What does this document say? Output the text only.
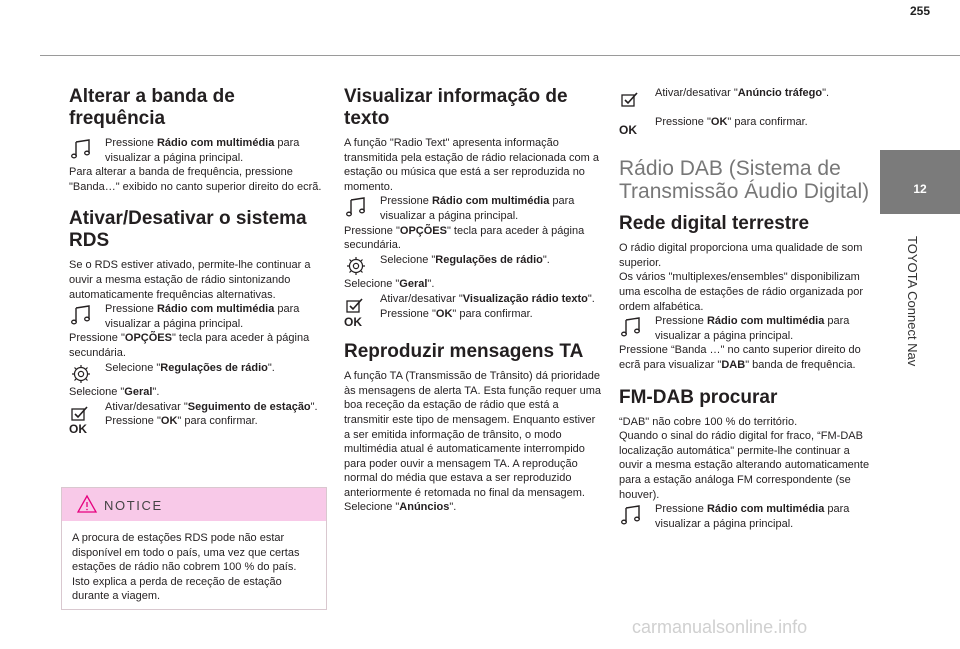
255
12
TOYOTA Connect Nav
Alterar a banda de frequência
Pressione Rádio com multimédia para visualizar a página principal.

Para alterar a banda de frequência, pressione "Banda…" exibido no canto superior direito do ecrã.

Ativar/Desativar o sistema RDS

Se o RDS estiver ativado, permite-lhe continuar a ouvir a mesma estação de rádio sintonizando automaticamente frequências alternativas.

Pressione Rádio com multimédia para visualizar a página principal.

Pressione "OPÇÕES" tecla para aceder à página secundária.

Selecione "Regulações de rádio".

Selecione "Geral".

Ativar/desativar "Seguimento de estação".
OK
Pressione "OK" para confirmar.
NOTICE
A procura de estações RDS pode não estar disponível em todo o país, uma vez que certas estações de rádio não cobrem 100 % do país. Isto explica a perda de receção de estação durante a viagem.
Visualizar informação de texto

A função "Radio Text" apresenta informação transmitida pela estação de rádio relacionada com a estação ou música que está a ser reproduzida no momento.

Pressione Rádio com multimédia para visualizar a página principal.

Pressione "OPÇÕES" tecla para aceder à página secundária.

Selecione "Regulações de rádio".

Selecione "Geral".

Ativar/desativar "Visualização rádio texto".
OK
Pressione "OK" para confirmar.
Reproduzir mensagens TA

A função TA (Transmissão de Trânsito) dá prioridade às mensagens de alerta TA. Esta função requer uma boa receção da estação de rádio que está a transmitir este tipo de mensagem. Enquanto estiver a ser emitida informação de trânsito, o modo multimédia atual é automaticamente interrompido para poder ouvir a mensagem TA. A reprodução normal do média que estava a ser reproduzido anteriormente é retomada no final da mensagem.

Selecione "Anúncios".

Ativar/desativar "Anúncio tráfego".
OK
Pressione "OK" para confirmar.
Rádio DAB (Sistema de Transmissão Áudio Digital)
Rede digital terrestre

O rádio digital proporciona uma qualidade de som superior.

Os vários "multiplexes/ensembles" disponibilizam uma escolha de estações de rádio organizada por ordem alfabética.

Pressione Rádio com multimédia para visualizar a página principal.

Pressione “Banda …" no canto superior direito do ecrã para visualizar "DAB" banda de frequência.

FM-DAB procurar

“DAB" não cobre 100 % do território.

Quando o sinal do rádio digital for fraco, “FM-DAB localização automática" permite-lhe continuar a ouvir a mesma estação alterando automaticamente para a estação análoga FM correspondente (se houver).

Pressione Rádio com multimédia para visualizar a página principal.
carmanualsonline.info
